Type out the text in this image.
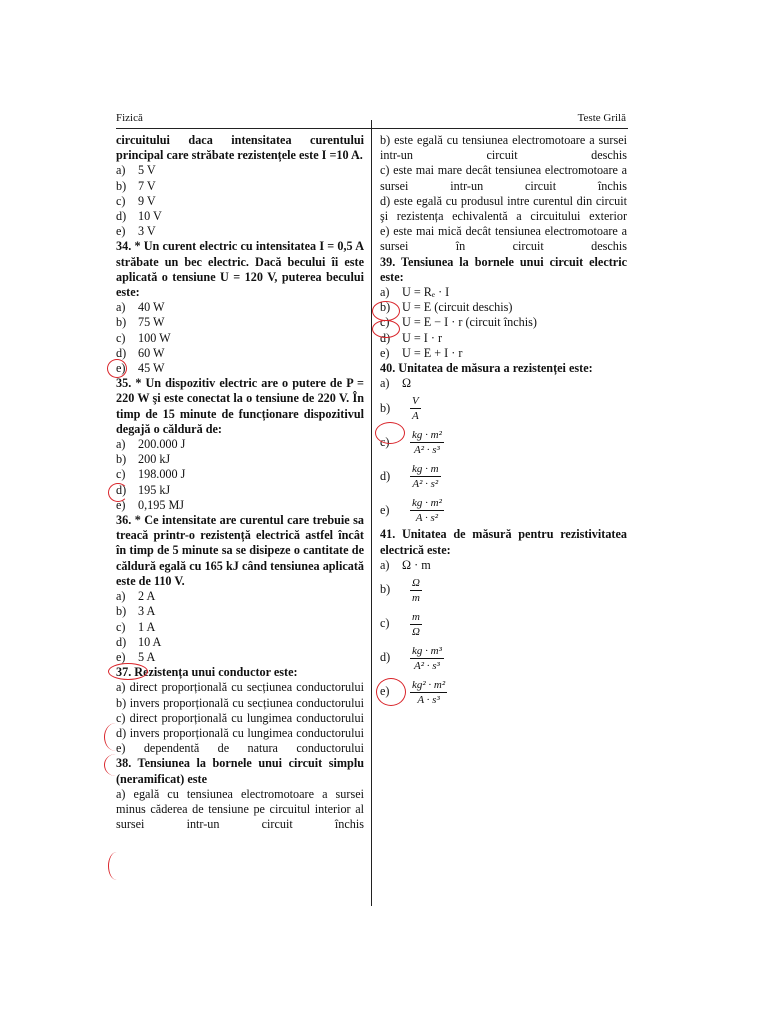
Fizică	Teste Grilă
circuitului daca intensitatea curentului principal care străbate rezistențele este I =10 A.
a) 5 V
b) 7 V
c) 9 V
d) 10 V
e) 3 V
34. * Un curent electric cu intensitatea I = 0,5 A străbate un bec electric. Dacă becului îi este aplicată o tensiune U = 120 V, puterea becului este:
a) 40 W
b) 75 W
c) 100 W
d) 60 W
e) 45 W
35. * Un dispozitiv electric are o putere de P = 220 W şi este conectat la o tensiune de 220 V. În timp de 15 minute de funcționare dispozitivul degajă o căldură de:
a) 200.000 J
b) 200 kJ
c) 198.000 J
d) 195 kJ
e) 0,195 MJ
36. * Ce intensitate are curentul care trebuie sa treacă printr-o rezistență electrică astfel încât în timp de 5 minute sa se disipeze o cantitate de căldură egală cu 165 kJ când tensiunea aplicată este de 110 V.
a) 2 A
b) 3 A
c) 1 A
d) 10 A
e) 5 A
37. Rezistența unui conductor este:
a) direct proporțională cu secțiunea conductorului
b) invers proporțională cu secțiunea conductorului
c) direct proporțională cu lungimea conductorului
d) invers proporțională cu lungimea conductorului
e) dependentă de natura conductorului
38. Tensiunea la bornele unui circuit simplu (neramificat) este
a) egală cu tensiunea electromotoare a sursei minus căderea de tensiune pe circuitul interior al sursei intr-un circuit închis
b) este egală cu tensiunea electromotoare a sursei intr-un circuit deschis
c) este mai mare decât tensiunea electromotoare a sursei intr-un circuit închis
d) este egală cu produsul intre curentul din circuit şi rezistența echivalentă a circuitului exterior
e) este mai mică decât tensiunea electromotoare a sursei în circuit deschis
39. Tensiunea la bornele unui circuit electric este:
a) U = Rₑ · I
b) U = E (circuit deschis)
c) U = E − I · r (circuit închis)
d) U = I · r
e) U = E + I · r
40. Unitatea de măsura a rezistenței este:
a) Ω
b)	$\frac{V}{A}$
c)	$\frac{\text{kg · m²}}{\text{A² · s³}}$
d)	$\frac{kg \cdot m}{\text{A² · s²}}$
e)	$\frac{\text{kg · m²}}{\text{A · s²}}$
41. Unitatea de măsură pentru rezistivitatea electrică este:
a) Ω · m
b)	$\frac{\Omega}{m}$
c)	$\frac{m}{\Omega}$
d)	$\frac{\text{kg · m³}}{\text{A² · s³}}$
e)	$\frac{\text{kg² · m²}}{\text{A · s³}}$
